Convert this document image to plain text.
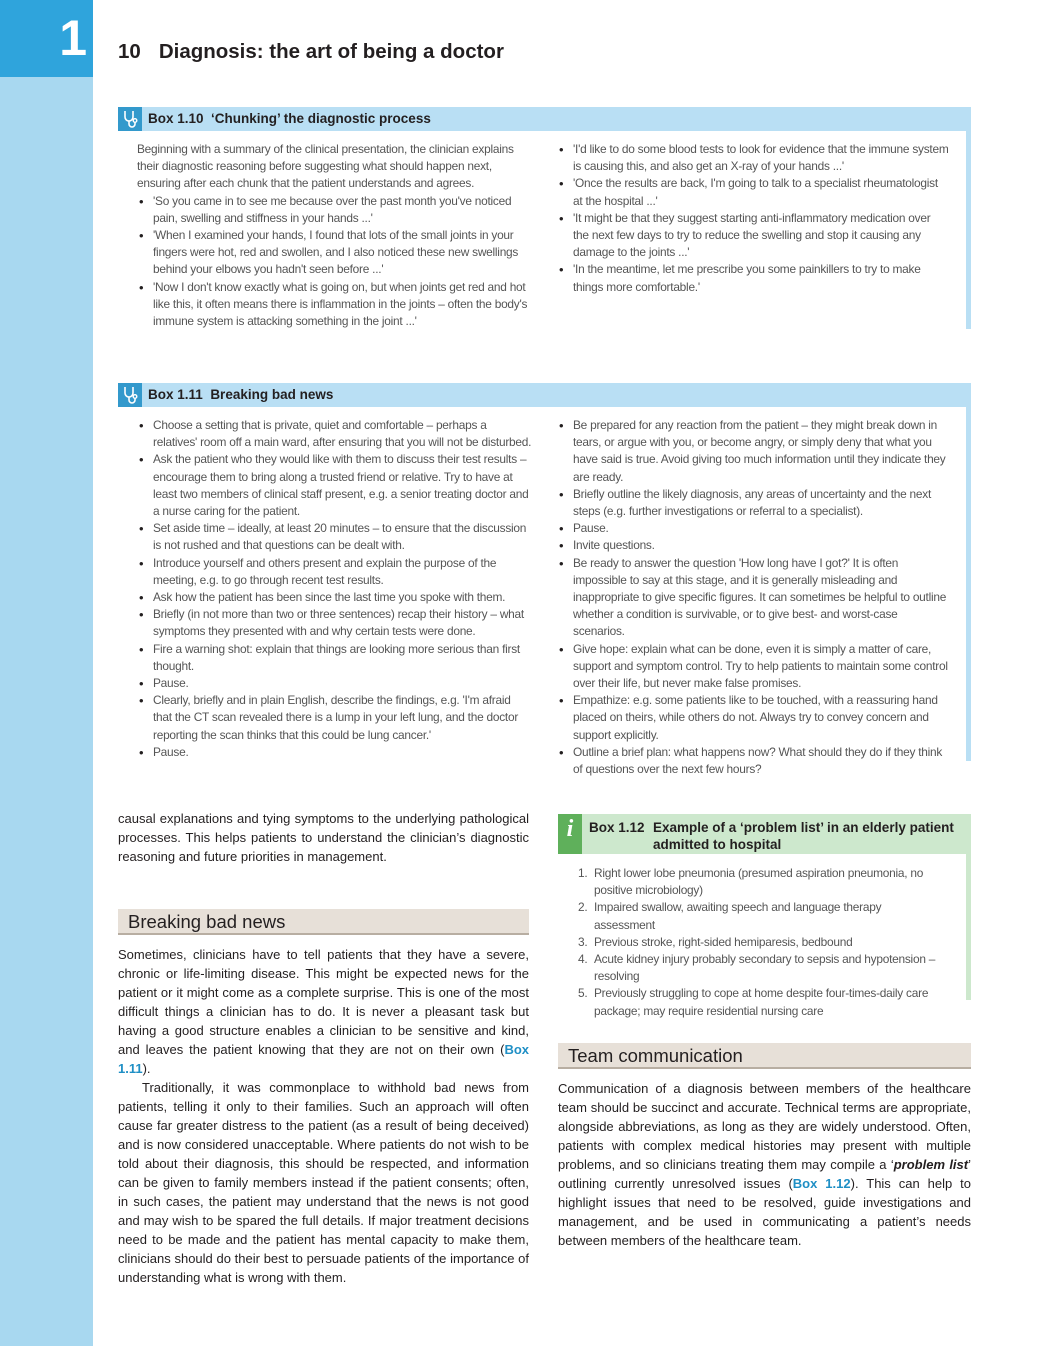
1 10 Diagnosis: the art of being a doctor
Box 1.10 ‘Chunking’ the diagnostic process

Beginning with a summary of the clinical presentation, the clinician explains their diagnostic reasoning before suggesting what should happen next, ensuring after each chunk that the patient understands and agrees.

• 'So you came in to see me because over the past month you've noticed pain, swelling and stiffness in your hands ...'
• 'When I examined your hands, I found that lots of the small joints in your fingers were hot, red and swollen, and I also noticed these new swellings behind your elbows you hadn't seen before ...'
• 'Now I don't know exactly what is going on, but when joints get red and hot like this, it often means there is inflammation in the joints – often the body's immune system is attacking something in the joint ...'
• 'I'd like to do some blood tests to look for evidence that the immune system is causing this, and also get an X-ray of your hands ...'
• 'Once the results are back, I'm going to talk to a specialist rheumatologist at the hospital ...'
• 'It might be that they suggest starting anti-inflammatory medication over the next few days to try to reduce the swelling and stop it causing any damage to the joints ...'
• 'In the meantime, let me prescribe you some painkillers to try to make things more comfortable.'
Box 1.11 Breaking bad news
• Choose a setting that is private, quiet and comfortable – perhaps a relatives' room off a main ward, after ensuring that you will not be disturbed.
• Ask the patient who they would like with them to discuss their test results – encourage them to bring along a trusted friend or relative. Try to have at least two members of clinical staff present, e.g. a senior treating doctor and a nurse caring for the patient.
• Set aside time – ideally, at least 20 minutes – to ensure that the discussion is not rushed and that questions can be dealt with.
• Introduce yourself and others present and explain the purpose of the meeting, e.g. to go through recent test results.
• Ask how the patient has been since the last time you spoke with them.
• Briefly (in not more than two or three sentences) recap their history – what symptoms they presented with and why certain tests were done.
• Fire a warning shot: explain that things are looking more serious than first thought.
• Pause.
• Clearly, briefly and in plain English, describe the findings, e.g. 'I'm afraid that the CT scan revealed there is a lump in your left lung, and the doctor reporting the scan thinks that this could be lung cancer.'
• Pause.
• Be prepared for any reaction from the patient – they might break down in tears, or argue with you, or become angry, or simply deny that what you have said is true. Avoid giving too much information until they indicate they are ready.
• Briefly outline the likely diagnosis, any areas of uncertainty and the next steps (e.g. further investigations or referral to a specialist).
• Pause.
• Invite questions.
• Be ready to answer the question 'How long have I got?' It is often impossible to say at this stage, and it is generally misleading and inappropriate to give specific figures. It can sometimes be helpful to outline whether a condition is survivable, or to give best- and worst-case scenarios.
• Give hope: explain what can be done, even it is simply a matter of care, support and symptom control. Try to help patients to maintain some control over their life, but never make false promises.
• Empathize: e.g. some patients like to be touched, with a reassuring hand placed on theirs, while others do not. Always try to convey concern and support explicitly.
• Outline a brief plan: what happens now? What should they do if they think of questions over the next few hours?

causal explanations and tying symptoms to the underlying pathological processes. This helps patients to understand the clinician’s diagnostic reasoning and future priorities in management.

Breaking bad news

Sometimes, clinicians have to tell patients that they have a severe, chronic or life-limiting disease. This might be expected news for the patient or it might come as a complete surprise. This is one of the most difficult things a clinician has to do. It is never a pleasant task but having a good structure enables a clinician to be sensitive and kind, and leaves the patient knowing that they are not on their own (Box 1.11).

Traditionally, it was commonplace to withhold bad news from patients, telling it only to their families. Such an approach will often cause far greater distress to the patient (as a result of being deceived) and is now considered unacceptable. Where patients do not wish to be told about their diagnosis, this should be respected, and information can be given to family members instead if the patient consents; often, in such cases, the patient may understand that the news is not good and may wish to be spared the full details. If major treatment decisions need to be made and the patient has mental capacity to make them, clinicians should do their best to persuade patients of the importance of understanding what is wrong with them.

i	Box 1.12 Example of a ‘problem list’ in an elderly patient
admitted to hospital
1. Right lower lobe pneumonia (presumed aspiration pneumonia, no positive microbiology)
2. Impaired swallow, awaiting speech and language therapy assessment
3. Previous stroke, right-sided hemiparesis, bedbound
4. Acute kidney injury probably secondary to sepsis and hypotension – resolving
5. Previously struggling to cope at home despite four-times-daily care package; may require residential nursing care
Team communication

Communication of a diagnosis between members of the healthcare team should be succinct and accurate. Technical terms are appropriate, alongside abbreviations, as long as they are widely understood. Often, patients with complex medical histories may present with multiple problems, and so clinicians treating them may compile a ‘problem list’ outlining currently unresolved issues (Box 1.12). This can help to highlight issues that need to be resolved, guide investigations and management, and be used in communicating a patient’s needs between members of the healthcare team.
